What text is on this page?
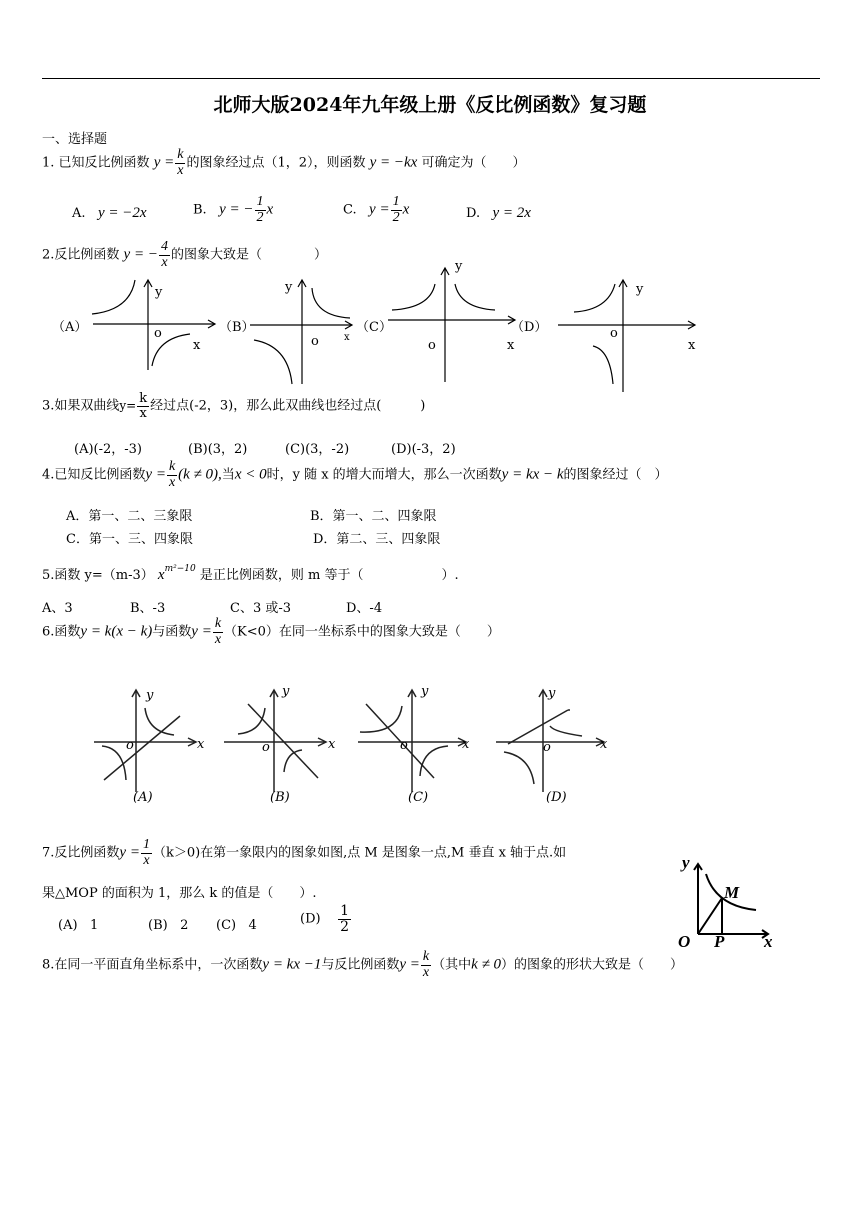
北师大版2024年九年级上册《反比例函数》复习题
一、选择题
1. 已知反比例函数 $y = \frac{k}{x}$ 的图象经过点（1，2），则函数 y = −kx 可确定为（　　）
A. y = −2x	B. y = − $\frac{1}{2}$ x	C. $y = \frac{1}{2}$ x	D. y = 2x
2.反比例函数 y = − $\frac{4}{x}$ 的图象大致是（　　　　）
（A）	（B）	（C）	（D）
y
o
x
y
o	x
y
o	x
y
o
x
3.如果双曲线$y= \frac{k}{x}$ 经过点(-2，3)，那么此双曲线也经过点(　　　)
(A)(-2，-3)	(B)(3，2)	(C)(3，-2)	(D)(-3，2)
4.已知反比例函数$y = \frac{k}{x} (k \ne 0)$,当x < 0时，y 随 x 的增大而增大，那么一次函数y = kx − k的图象经过（　）
A．第一、二、三象限	B．第一、二、四象限
C．第一、三、四象限	D．第二、三、四象限
5.函数 y=（m-3） $x^{m^2-10}$ 是正比例函数，则 m 等于（　　　　　　）.
A、3	B、-3	C、3 或-3	D、-4
6.函数y = k(x − k)与函数$y = \frac{k}{x} (K<0)$在同一坐标系中的图象大致是（　　）
y
o	x
y
o	x
y
o	x
y
o	x
(A)	(B)	(C)	(D)
7.反比例函数$y = \frac{1}{x} (k>0)$在第一象限内的图象如图,点 M 是图象一点,M 垂直 x 轴于点.如
果△MOP 的面积为 1，那么 k 的值是（　　）.
(A) 1	(B) 2 (C) 4	$(D) \frac{1}{2}$
y
M
O P x
8.在同一平面直角坐标系中，一次函数y = kx −1与反比例函数$y = \frac{k}{x}$ （其中k ≠ 0）的图象的形状大致是（　　）
